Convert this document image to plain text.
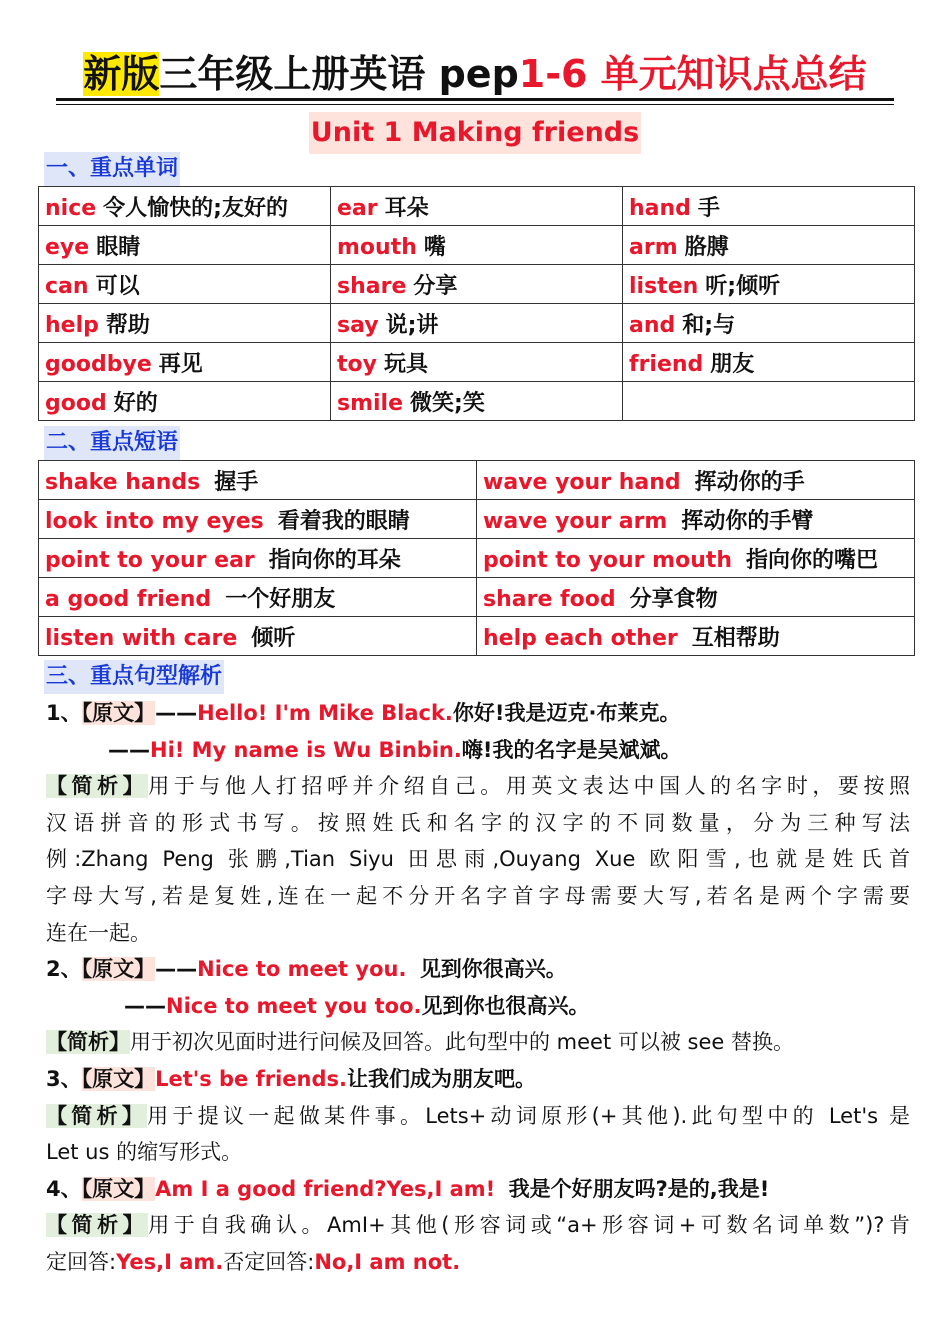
新版三年级上册英语 pep1-6 单元知识点总结
Unit 1 Making friends
一、重点单词
nice 令人愉快的;友好的	ear 耳朵	hand 手
eye 眼睛	mouth 嘴	arm 胳膊
can 可以	share 分享	listen 听;倾听
help 帮助	say 说;讲	and 和;与
goodbye 再见	toy 玩具	friend 朋友
good 好的	smile 微笑;笑	
二、重点短语
shake hands 握手	wave your hand 挥动你的手
look into my eyes 看着我的眼睛	wave your arm 挥动你的手臂
point to your ear 指向你的耳朵	point to your mouth 指向你的嘴巴
a good friend 一个好朋友	share food 分享食物
listen with care 倾听	help each other 互相帮助
三、重点句型解析
1、【原文】——Hello! I'm Mike Black.你好!我是迈克·布莱克。
——Hi! My name is Wu Binbin.嗨!我的名字是吴斌斌。
【简析】用于与他人打招呼并介绍自己。用英文表达中国人的名字时，要按照
汉语拼音的形式书写。按照姓氏和名字的汉字的不同数量，分为三种写法
例:Zhang Peng 张鹏,Tian Siyu 田思雨,Ouyang Xue 欧阳雪,也就是姓氏首
字母大写,若是复姓,连在一起不分开名字首字母需要大写,若名是两个字需要
连在一起。
2、【原文】——Nice to meet you. 见到你很高兴。
——Nice to meet you too.见到你也很高兴。
【简析】用于初次见面时进行问候及回答。此句型中的 meet 可以被 see 替换。
3、【原文】Let's be friends.让我们成为朋友吧。
【简析】用于提议一起做某件事。Lets+动词原形(+其他).此句型中的 Let's 是
Let us 的缩写形式。
4、【原文】Am I a good friend?Yes,I am! 我是个好朋友吗?是的,我是!
【简析】用于自我确认。AmI+其他(形容词或“a+形容词+可数名词单数”)?肯
定回答:Yes,I am.否定回答:No,I am not.
